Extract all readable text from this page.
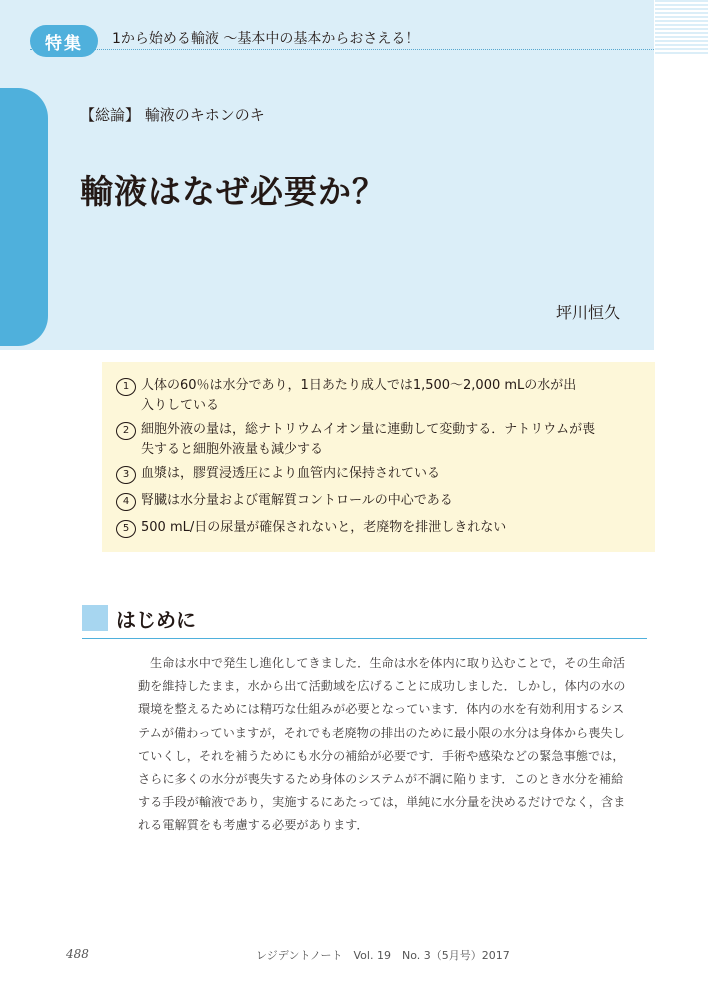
特集	1から始める輸液 ～基本中の基本からおさえる！
【総論】 輸液のキホンのキ
輸液はなぜ必要か？
坪川恒久
1 人体の60％は水分であり，1日あたり成人では1,500～2,000 mLの水が出
入りしている
2 細胞外液の量は，総ナトリウムイオン量に連動して変動する．ナトリウムが喪
失すると細胞外液量も減少する
3 血漿は，膠質浸透圧により血管内に保持されている
4 腎臓は水分量および電解質コントロールの中心である
5 500 mL/日の尿量が確保されないと，老廃物を排泄しきれない
はじめに
生命は水中で発生し進化してきました．生命は水を体内に取り込むことで，その生命活
動を維持したまま，水から出て活動域を広げることに成功しました．しかし，体内の水の
環境を整えるためには精巧な仕組みが必要となっています．体内の水を有効利用するシス
テムが備わっていますが，それでも老廃物の排出のために最小限の水分は身体から喪失し
ていくし，それを補うためにも水分の補給が必要です．手術や感染などの緊急事態では，
さらに多くの水分が喪失するため身体のシステムが不調に陥ります．このとき水分を補給
する手段が輸液であり，実施するにあたっては，単純に水分量を決めるだけでなく，含ま
れる電解質をも考慮する必要があります．
488	レジデントノート　Vol. 19　No. 3（5月号）2017
